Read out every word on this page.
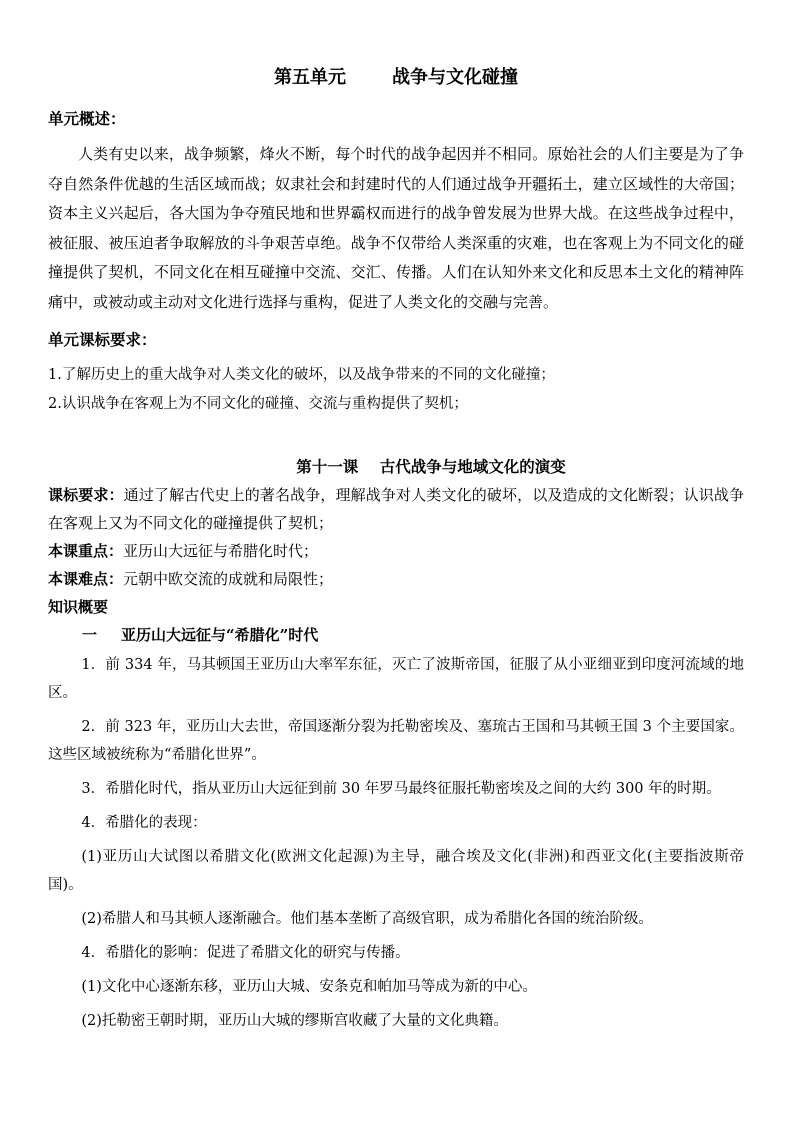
第五单元	战争与文化碰撞
单元概述：
人类有史以来，战争频繁，烽火不断，每个时代的战争起因并不相同。原始社会的人们主要是为了争夺自然条件优越的生活区域而战；奴隶社会和封建时代的人们通过战争开疆拓土，建立区域性的大帝国；资本主义兴起后，各大国为争夺殖民地和世界霸权而进行的战争曾发展为世界大战。在这些战争过程中，被征服、被压迫者争取解放的斗争艰苦卓绝。战争不仅带给人类深重的灾难，也在客观上为不同文化的碰撞提供了契机，不同文化在相互碰撞中交流、交汇、传播。人们在认知外来文化和反思本土文化的精神阵痛中，或被动或主动对文化进行选择与重构，促进了人类文化的交融与完善。
单元课标要求：
1.了解历史上的重大战争对人类文化的破坏，以及战争带来的不同的文化碰撞；
2.认识战争在客观上为不同文化的碰撞、交流与重构提供了契机；
第十一课 古代战争与地域文化的演变
课标要求：通过了解古代史上的著名战争，理解战争对人类文化的破坏，以及造成的文化断裂；认识战争在客观上又为不同文化的碰撞提供了契机；
本课重点：亚历山大远征与希腊化时代；
本课难点：元朝中欧交流的成就和局限性；
知识概要
一 亚历山大远征与“希腊化”时代
1．前 334 年，马其顿国王亚历山大率军东征，灭亡了波斯帝国，征服了从小亚细亚到印度河流域的地区。
2．前 323 年，亚历山大去世，帝国逐渐分裂为托勒密埃及、塞琉古王国和马其顿王国 3 个主要国家。这些区域被统称为“希腊化世界”。
3．希腊化时代，指从亚历山大远征到前 30 年罗马最终征服托勒密埃及之间的大约 300 年的时期。
4．希腊化的表现：
(1)亚历山大试图以希腊文化(欧洲文化起源)为主导，融合埃及文化(非洲)和西亚文化(主要指波斯帝国)。
(2)希腊人和马其顿人逐渐融合。他们基本垄断了高级官职，成为希腊化各国的统治阶级。
4．希腊化的影响：促进了希腊文化的研究与传播。
(1)文化中心逐渐东移，亚历山大城、安条克和帕加马等成为新的中心。
(2)托勒密王朝时期，亚历山大城的缪斯宫收藏了大量的文化典籍。
